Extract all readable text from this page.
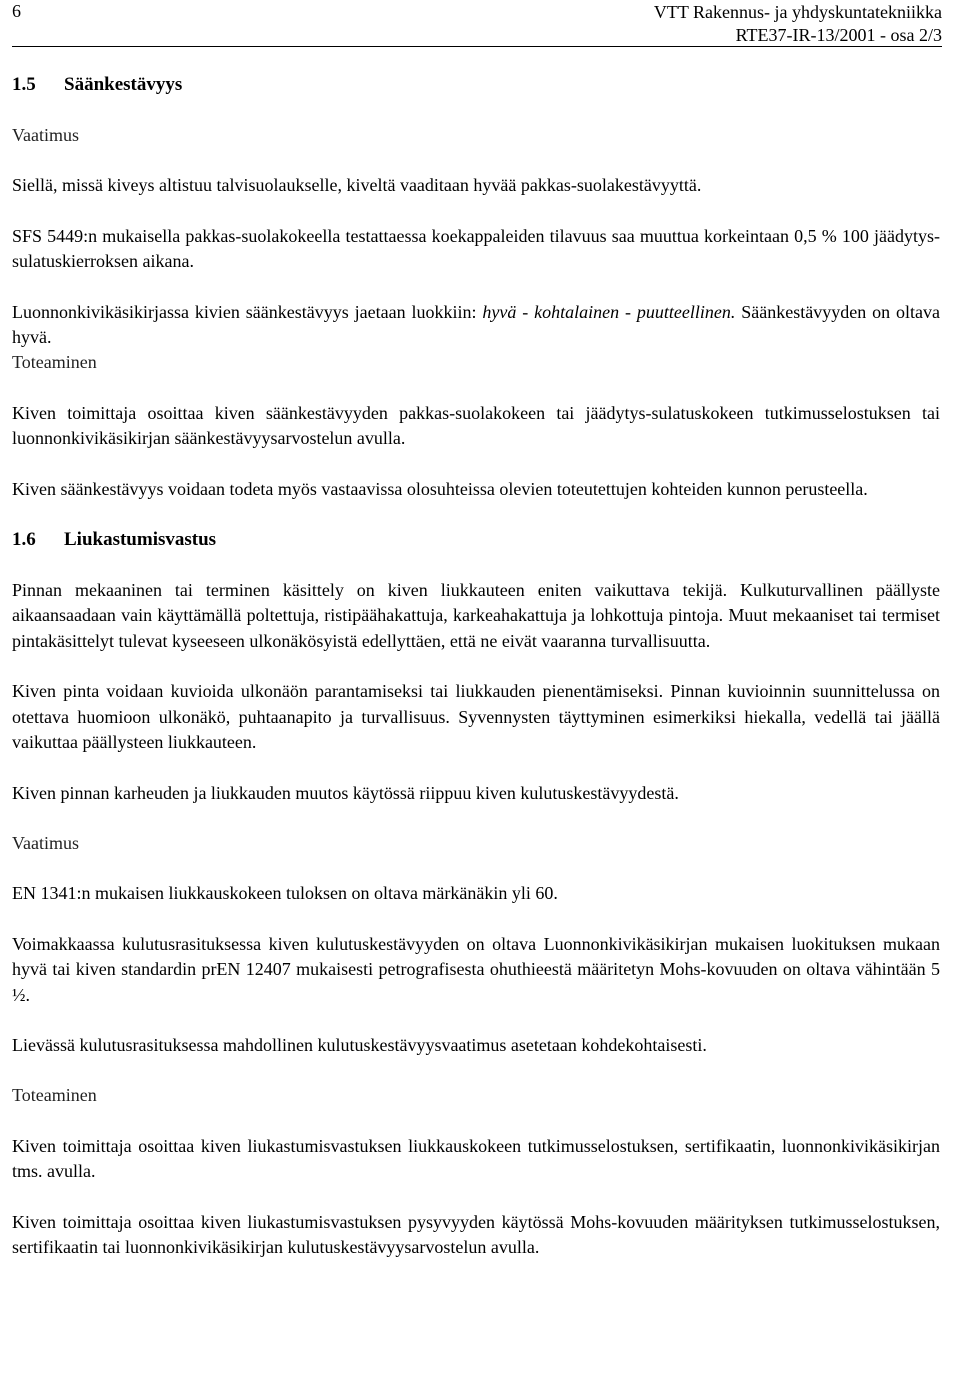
6	VTT Rakennus- ja yhdyskuntatekniikka
RTE37-IR-13/2001 - osa 2/3
1.5 Säänkestävyys

Vaatimus

Siellä, missä kiveys altistuu talvisuolaukselle, kiveltä vaaditaan hyvää pakkas-suolakestävyyttä.

SFS 5449:n mukaisella pakkas-suolakokeella testattaessa koekappaleiden tilavuus saa muuttua korkeintaan 0,5 % 100 jäädytys-sulatuskierroksen aikana.

Luonnonkivikäsikirjassa kivien säänkestävyys jaetaan luokkiin: hyvä - kohtalainen - puutteellinen. Säänkestävyyden on oltava hyvä.

Toteaminen

Kiven toimittaja osoittaa kiven säänkestävyyden pakkas-suolakokeen tai jäädytys-sulatuskokeen tutkimusselostuksen tai luonnonkivikäsikirjan säänkestävyysarvostelun avulla.

Kiven säänkestävyys voidaan todeta myös vastaavissa olosuhteissa olevien toteutettujen kohteiden kunnon perusteella.

1.6 Liukastumisvastus

Pinnan mekaaninen tai terminen käsittely on kiven liukkauteen eniten vaikuttava tekijä. Kulkuturvallinen päällyste aikaansaadaan vain käyttämällä poltettuja, ristipäähakattuja, karkeahakattuja ja lohkottuja pintoja. Muut mekaaniset tai termiset pintakäsittelyt tulevat kyseeseen ulkonäkösyistä edellyttäen, että ne eivät vaaranna turvallisuutta.

Kiven pinta voidaan kuvioida ulkonäön parantamiseksi tai liukkauden pienentämiseksi. Pinnan kuvioinnin suunnittelussa on otettava huomioon ulkonäkö, puhtaanapito ja turvallisuus. Syvennysten täyttyminen esimerkiksi hiekalla, vedellä tai jäällä vaikuttaa päällysteen liukkauteen.

Kiven pinnan karheuden ja liukkauden muutos käytössä riippuu kiven kulutuskestävyydestä.

Vaatimus

EN 1341:n mukaisen liukkauskokeen tuloksen on oltava märkänäkin yli 60.

Voimakkaassa kulutusrasituksessa kiven kulutuskestävyyden on oltava Luonnonkivikäsikirjan mukaisen luokituksen mukaan hyvä tai kiven standardin prEN 12407 mukaisesti petrografisesta ohuthieestä määritetyn Mohs-kovuuden on oltava vähintään 5 ½.

Lievässä kulutusrasituksessa mahdollinen kulutuskestävyysvaatimus asetetaan kohdekohtaisesti.

Toteaminen

Kiven toimittaja osoittaa kiven liukastumisvastuksen liukkauskokeen tutkimusselostuksen, sertifikaatin, luonnonkivikäsikirjan tms. avulla.

Kiven toimittaja osoittaa kiven liukastumisvastuksen pysyvyyden käytössä Mohs-kovuuden määrityksen tutkimusselostuksen, sertifikaatin tai luonnonkivikäsikirjan kulutuskestävyysarvostelun avulla.
